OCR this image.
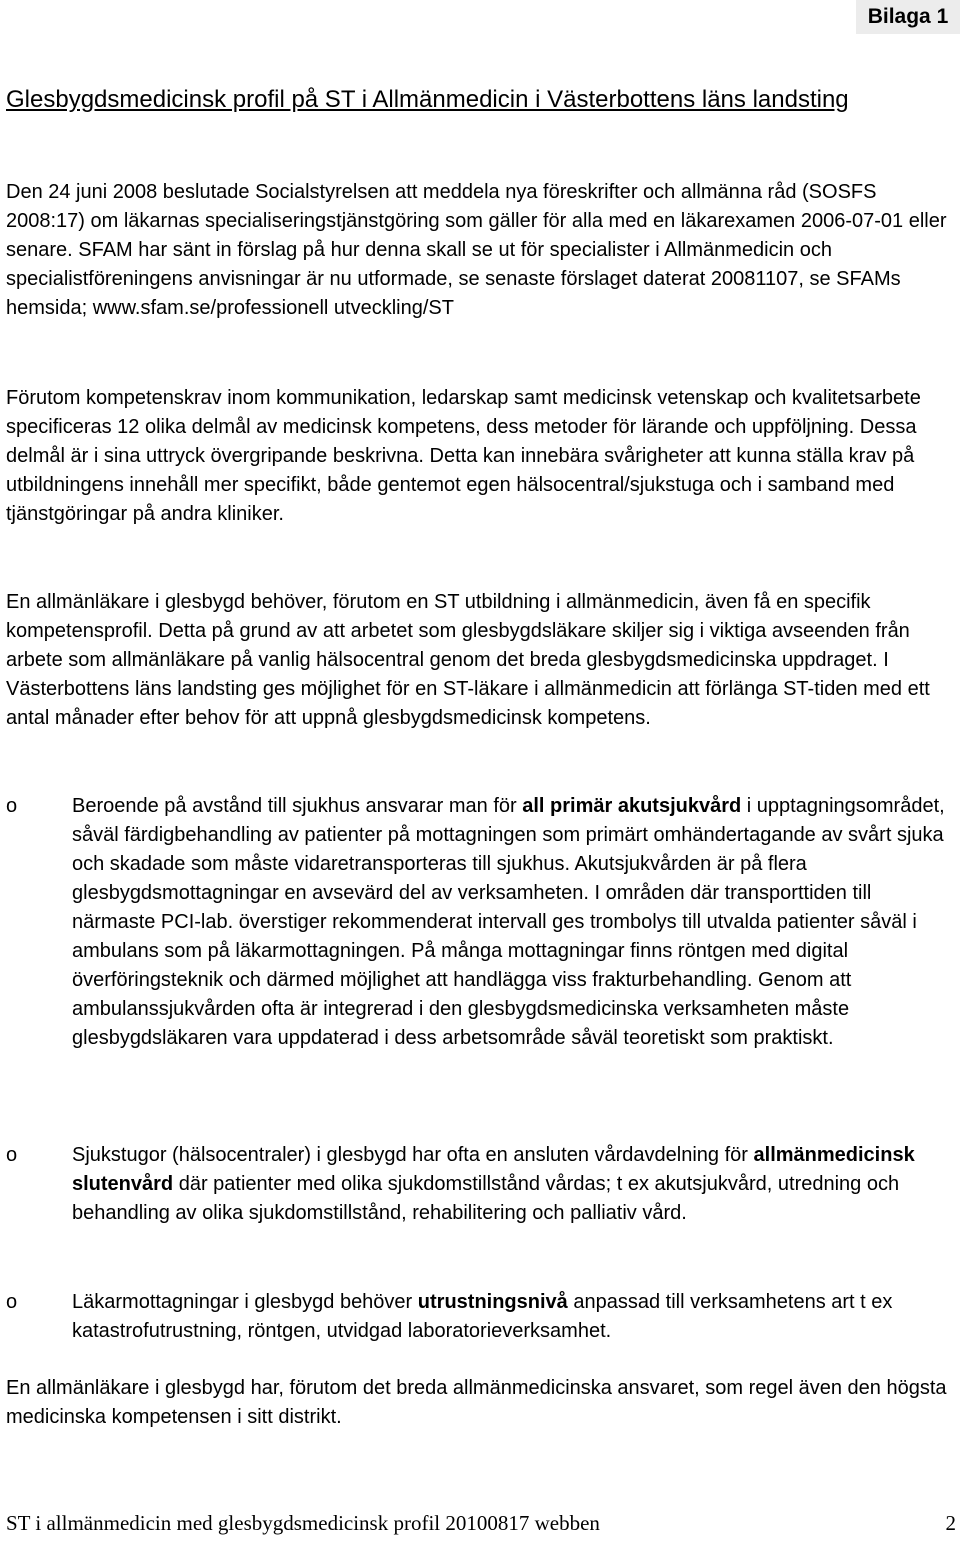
Bilaga 1
Glesbygdsmedicinsk profil på ST i Allmänmedicin i Västerbottens läns landsting

Den 24 juni 2008 beslutade Socialstyrelsen att meddela nya föreskrifter och allmänna råd (SOSFS 2008:17) om läkarnas specialiseringstjänstgöring som gäller för alla med en läkarexamen 2006-07-01 eller senare. SFAM har sänt in förslag på hur denna skall se ut för specialister i Allmänmedicin och specialistföreningens anvisningar är nu utformade, se senaste förslaget daterat 20081107, se SFAMs hemsida; www.sfam.se/professionell utveckling/ST

Förutom kompetenskrav inom kommunikation, ledarskap samt medicinsk vetenskap och kvalitetsarbete specificeras 12 olika delmål av medicinsk kompetens, dess metoder för lärande och uppföljning. Dessa delmål är i sina uttryck övergripande beskrivna. Detta kan innebära svårigheter att kunna ställa krav på utbildningens innehåll mer specifikt, både gentemot egen hälsocentral/sjukstuga och i samband med tjänstgöringar på andra kliniker.

En allmänläkare i glesbygd behöver, förutom en ST utbildning i allmänmedicin, även få en specifik kompetensprofil. Detta på grund av att arbetet som glesbygdsläkare skiljer sig i viktiga avseenden från arbete som allmänläkare på vanlig hälsocentral genom det breda glesbygdsmedicinska uppdraget. I Västerbottens läns landsting ges möjlighet för en ST-läkare i allmänmedicin att förlänga ST-tiden med ett antal månader efter behov för att uppnå glesbygdsmedicinsk kompetens.

o	Beroende på avstånd till sjukhus ansvarar man för all primär akutsjukvård i upptagningsområdet, såväl färdigbehandling av patienter på mottagningen som primärt omhändertagande av svårt sjuka och skadade som måste vidaretransporteras till sjukhus. Akutsjukvården är på flera glesbygdsmottagningar en avsevärd del av verksamheten. I områden där transporttiden till närmaste PCI-lab. överstiger rekommenderat intervall ges trombolys till utvalda patienter såväl i ambulans som på läkarmottagningen. På många mottagningar finns röntgen med digital överföringsteknik och därmed möjlighet att handlägga viss frakturbehandling. Genom att ambulanssjukvården ofta är integrerad i den glesbygdsmedicinska verksamheten måste glesbygdsläkaren vara uppdaterad i dess arbetsområde såväl teoretiskt som praktiskt.
o	Sjukstugor (hälsocentraler) i glesbygd har ofta en ansluten vårdavdelning för allmänmedicinsk slutenvård där patienter med olika sjukdomstillstånd vårdas; t ex akutsjukvård, utredning och behandling av olika sjukdomstillstånd, rehabilitering och palliativ vård.
o	Läkarmottagningar i glesbygd behöver utrustningsnivå anpassad till verksamhetens art t ex katastrofutrustning, röntgen, utvidgad laboratorieverksamhet.

En allmänläkare i glesbygd har, förutom det breda allmänmedicinska ansvaret, som regel även den högsta medicinska kompetensen i sitt distrikt.

ST i allmänmedicin med glesbygdsmedicinsk profil 20100817 webben	2
